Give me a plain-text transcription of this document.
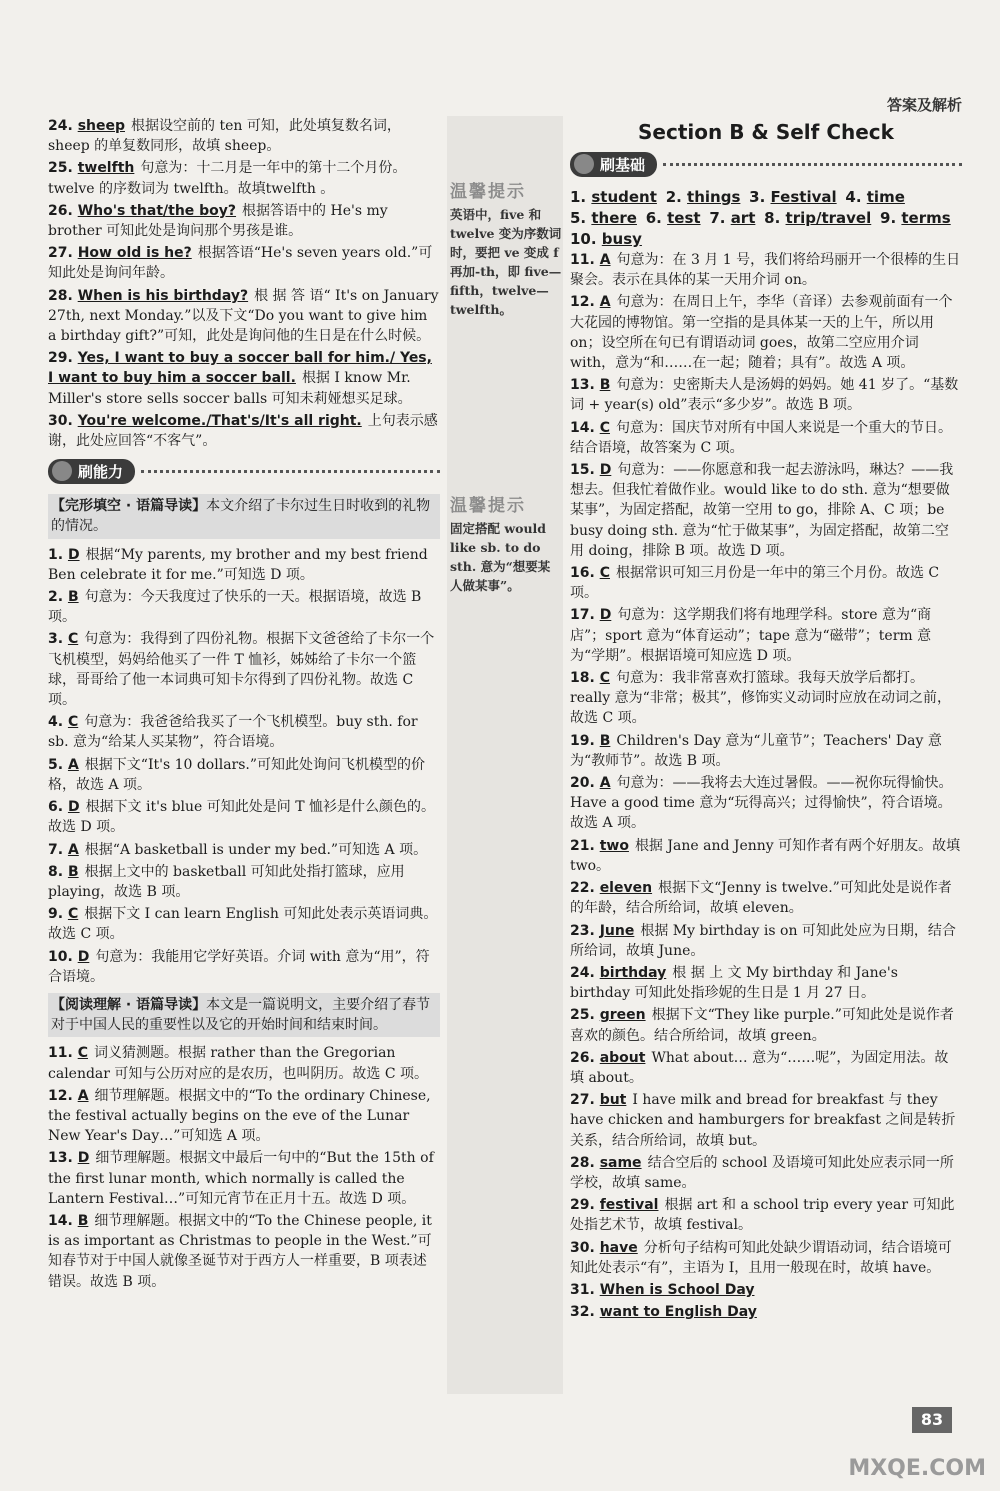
答案及解析
温馨提示
英语中，five 和 twelve 变为序数词时，要把 ve 变成 f 再加-th，即 five—fifth，twelve—twelfth。
温馨提示
固定搭配 would like sb. to do sth. 意为“想要某人做某事”。
24. sheep 根据设空前的 ten 可知，此处填复数名词，sheep 的单复数同形，故填 sheep。
25. twelfth 句意为：十二月是一年中的第十二个月份。twelve 的序数词为 twelfth。故填twelfth 。
26. Who's that/the boy? 根据答语中的 He's my brother 可知此处是询问那个男孩是谁。
27. How old is he? 根据答语“He's seven years old.”可知此处是询问年龄。
28. When is his birthday? 根 据 答 语“ It's on January 27th, next Monday.”以及下文“Do you want to give him a birthday gift?”可知，此处是询问他的生日是在什么时候。
29. Yes, I want to buy a soccer ball for him./ Yes, I want to buy him a soccer ball. 根据 I know Mr. Miller's store sells soccer balls 可知未莉娅想买足球。
30. You're welcome./That's/It's all right. 上句表示感谢，此处应回答“不客气”。
刷能力
【完形填空 · 语篇导读】本文介绍了卡尔过生日时收到的礼物的情况。
1. D 根据“My parents, my brother and my best friend Ben celebrate it for me.”可知选 D 项。
2. B 句意为：今天我度过了快乐的一天。根据语境，故选 B 项。
3. C 句意为：我得到了四份礼物。根据下文爸爸给了卡尔一个飞机模型，妈妈给他买了一件 T 恤衫，姊姊给了卡尔一个篮球，哥哥给了他一本词典可知卡尔得到了四份礼物。故选 C 项。
4. C 句意为：我爸爸给我买了一个飞机模型。buy sth. for sb. 意为“给某人买某物”，符合语境。
5. A 根据下文“It's 10 dollars.”可知此处询问飞机模型的价格，故选 A 项。
6. D 根据下文 it's blue 可知此处是问 T 恤衫是什么颜色的。故选 D 项。
7. A 根据“A basketball is under my bed.”可知选 A 项。
8. B 根据上文中的 basketball 可知此处指打篮球，应用 playing，故选 B 项。
9. C 根据下文 I can learn English 可知此处表示英语词典。故选 C 项。
10. D 句意为：我能用它学好英语。介词 with 意为“用”，符合语境。
【阅读理解 · 语篇导读】本文是一篇说明文，主要介绍了春节对于中国人民的重要性以及它的开始时间和结束时间。
11. C 词义猜测题。根据 rather than the Gregorian calendar 可知与公历对应的是农历，也叫阴历。故选 C 项。
12. A 细节理解题。根据文中的“To the ordinary Chinese, the festival actually begins on the eve of the Lunar New Year's Day…”可知选 A 项。
13. D 细节理解题。根据文中最后一句中的“But the 15th of the first lunar month, which normally is called the Lantern Festival…”可知元宵节在正月十五。故选 D 项。
14. B 细节理解题。根据文中的“To the Chinese people, it is as important as Christmas to people in the West.”可知春节对于中国人就像圣诞节对于西方人一样重要，B 项表述错误。故选 B 项。
Section B & Self Check
刷基础
1. student 2. things 3. Festival 4. time
5. there 6. test 7. art 8. trip/travel 9. terms
10. busy
11. A 句意为：在 3 月 1 号，我们将给玛丽开一个很棒的生日聚会。表示在具体的某一天用介词 on。
12. A 句意为：在周日上午，李华（音译）去参观前面有一个大花园的博物馆。第一空指的是具体某一天的上午，所以用 on；设空所在句已有谓语动词 goes，故第二空应用介词 with，意为“和……在一起；随着；具有”。故选 A 项。
13. B 句意为：史密斯夫人是汤姆的妈妈。她 41 岁了。“基数词 + year(s) old”表示“多少岁”。故选 B 项。
14. C 句意为：国庆节对所有中国人来说是一个重大的节日。结合语境，故答案为 C 项。
15. D 句意为：——你愿意和我一起去游泳吗，琳达？——我想去。但我忙着做作业。would like to do sth. 意为“想要做某事”，为固定搭配，故第一空用 to go，排除 A、C 项；be busy doing sth. 意为“忙于做某事”，为固定搭配，故第二空用 doing，排除 B 项。故选 D 项。
16. C 根据常识可知三月份是一年中的第三个月份。故选 C 项。
17. D 句意为：这学期我们将有地理学科。store 意为“商店”；sport 意为“体育运动”；tape 意为“磁带”；term 意为“学期”。根据语境可知应选 D 项。
18. C 句意为：我非常喜欢打篮球。我每天放学后都打。really 意为“非常；极其”，修饰实义动词时应放在动词之前，故选 C 项。
19. B Children's Day 意为“儿童节”；Teachers' Day 意为“教师节”。故选 B 项。
20. A 句意为：——我将去大连过暑假。——祝你玩得愉快。Have a good time 意为“玩得高兴；过得愉快”，符合语境。故选 A 项。
21. two 根据 Jane and Jenny 可知作者有两个好朋友。故填 two。
22. eleven 根据下文“Jenny is twelve.”可知此处是说作者的年龄，结合所给词，故填 eleven。
23. June 根据 My birthday is on 可知此处应为日期，结合所给词，故填 June。
24. birthday 根 据 上 文 My birthday 和 Jane's birthday 可知此处指珍妮的生日是 1 月 27 日。
25. green 根据下文“They like purple.”可知此处是说作者喜欢的颜色。结合所给词，故填 green。
26. about What about… 意为“……呢”，为固定用法。故填 about。
27. but I have milk and bread for breakfast 与 they have chicken and hamburgers for breakfast 之间是转折关系，结合所给词，故填 but。
28. same 结合空后的 school 及语境可知此处应表示同一所学校，故填 same。
29. festival 根据 art 和 a school trip every year 可知此处指艺术节，故填 festival。
30. have 分析句子结构可知此处缺少谓语动词，结合语境可知此处表示“有”，主语为 I，且用一般现在时，故填 have。
31. When is School Day
32. want to English Day
83
MXQE.COM
